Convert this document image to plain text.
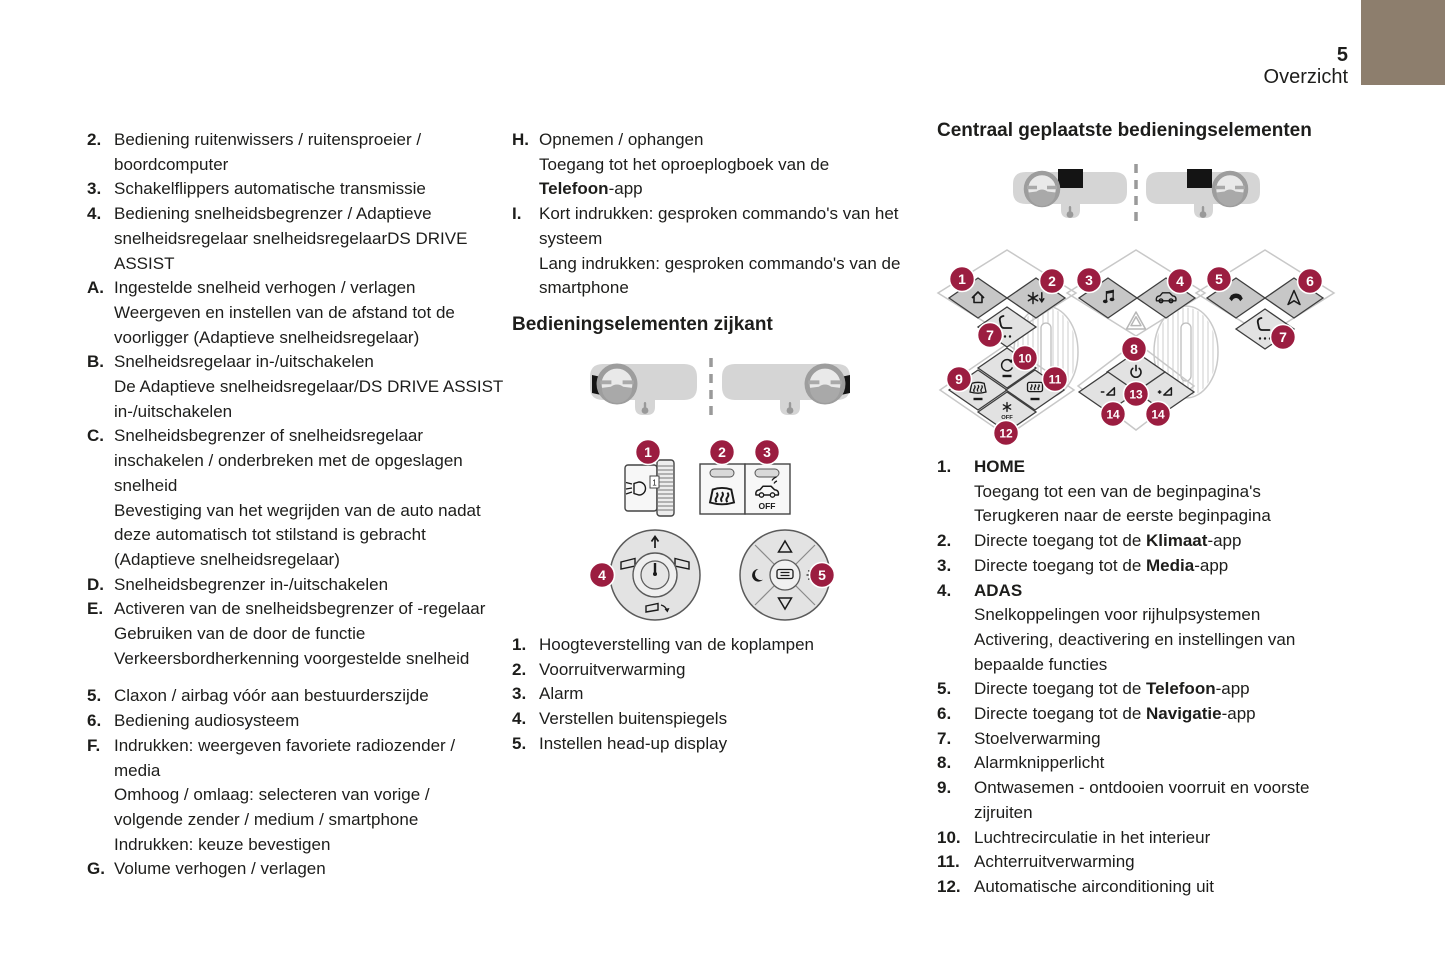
5
Overzicht
2. Bediening ruitenwissers / ruitensproeier /
boordcomputer
3. Schakelflippers automatische transmissie
4. Bediening snelheidsbegrenzer / Adaptieve
snelheidsregelaar snelheidsregelaarDS DRIVE
ASSIST
A. Ingestelde snelheid verhogen / verlagen
Weergeven en instellen van de afstand tot de
voorligger (Adaptieve snelheidsregelaar)
B. Snelheidsregelaar in-/uitschakelen
De Adaptieve snelheidsregelaar/DS DRIVE ASSIST
in-/uitschakelen
C. Snelheidsbegrenzer of snelheidsregelaar
inschakelen / onderbreken met de opgeslagen
snelheid
Bevestiging van het wegrijden van de auto nadat
deze automatisch tot stilstand is gebracht
(Adaptieve snelheidsregelaar)
D. Snelheidsbegrenzer in-/uitschakelen
E. Activeren van de snelheidsbegrenzer of -regelaar
Gebruiken van de door de functie
Verkeersbordherkenning voorgestelde snelheid
5. Claxon / airbag vóór aan bestuurderszijde
6. Bediening audiosysteem
F. Indrukken: weergeven favoriete radiozender /
media
Omhoog / omlaag: selecteren van vorige /
volgende zender / medium / smartphone
Indrukken: keuze bevestigen
G. Volume verhogen / verlagen
H. Opnemen / ophangen
Toegang tot het oproeplogboek van de
Telefoon-app
I.	Kort indrukken: gesproken commando's van het
systeem
Lang indrukken: gesproken commando's van de
smartphone
Bedieningselementen zijkant
1
OFF
1	2	3
4	5
1. Hoogteverstelling van de koplampen
2. Voorruitverwarming
3. Alarm
4. Verstellen buitenspiegels
5. Instellen head-up display
Centraal geplaatste bedieningselementen
OFF
1	2 3	4 5	6
7	7
8
9
10
11
12
13
14	14
1.	HOME
Toegang tot een van de beginpagina's
Terugkeren naar de eerste beginpagina
2.	Directe toegang tot de Klimaat-app
3.	Directe toegang tot de Media-app
4.	ADAS
Snelkoppelingen voor rijhulpsystemen
Activering, deactivering en instellingen van
bepaalde functies
5.	Directe toegang tot de Telefoon-app
6.	Directe toegang tot de Navigatie-app
7.	Stoelverwarming
8.	Alarmknipperlicht
9.	Ontwasemen - ontdooien voorruit en voorste
zijruiten
10. Luchtrecirculatie in het interieur
11. Achterruitverwarming
12. Automatische airconditioning uit
